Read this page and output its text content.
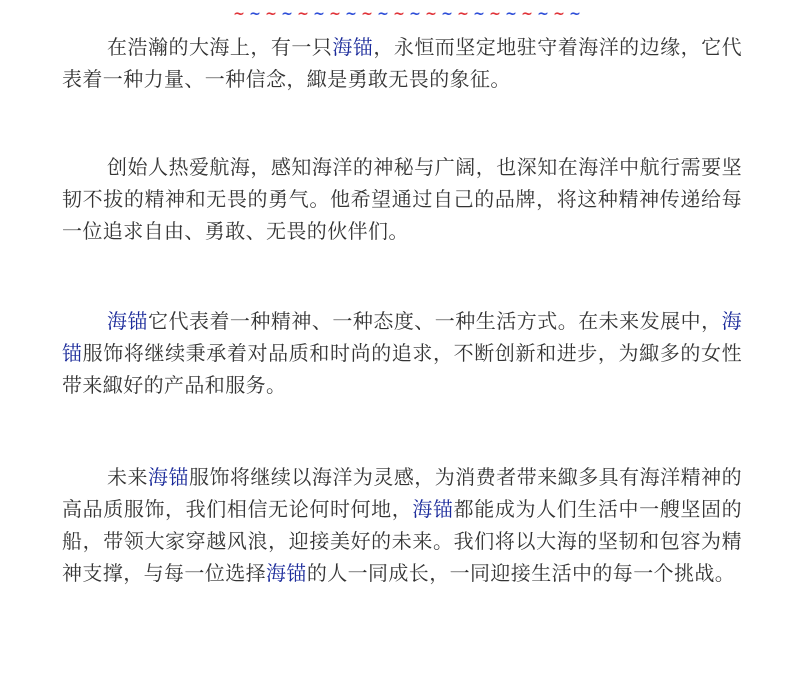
~ ~ ~ ~ ~ ~ ~ ~ ~ ~ ~ ~ ~ ~ ~ ~ ~ ~ ~ ~ ~ ~

在浩瀚的大海上，有一只海锚，永恒而坚定地驻守着海洋的边缘，它代表着一种力量、一种信念，緅是勇敢无畏的象征。

创始人热爱航海，感知海洋的神秘与广阔，也深知在海洋中航行需要坚韧不拔的精神和无畏的勇气。他希望通过自己的品牌，将这种精神传递给每一位追求自由、勇敢、无畏的伙伴们。

海锚它代表着一种精神、一种态度、一种生活方式。在未来发展中，海锚服饰将继续秉承着对品质和时尚的追求，不断创新和进步，为緅多的女性带来緅好的产品和服务。

未来海锚服饰将继续以海洋为灵感，为消费者带来緅多具有海洋精神的高品质服饰，我们相信无论何时何地，海锚都能成为人们生活中一艘坚固的船，带领大家穿越风浪，迎接美好的未来。我们将以大海的坚韧和包容为精神支撑，与每一位选择海锚的人一同成长，一同迎接生活中的每一个挑战。
